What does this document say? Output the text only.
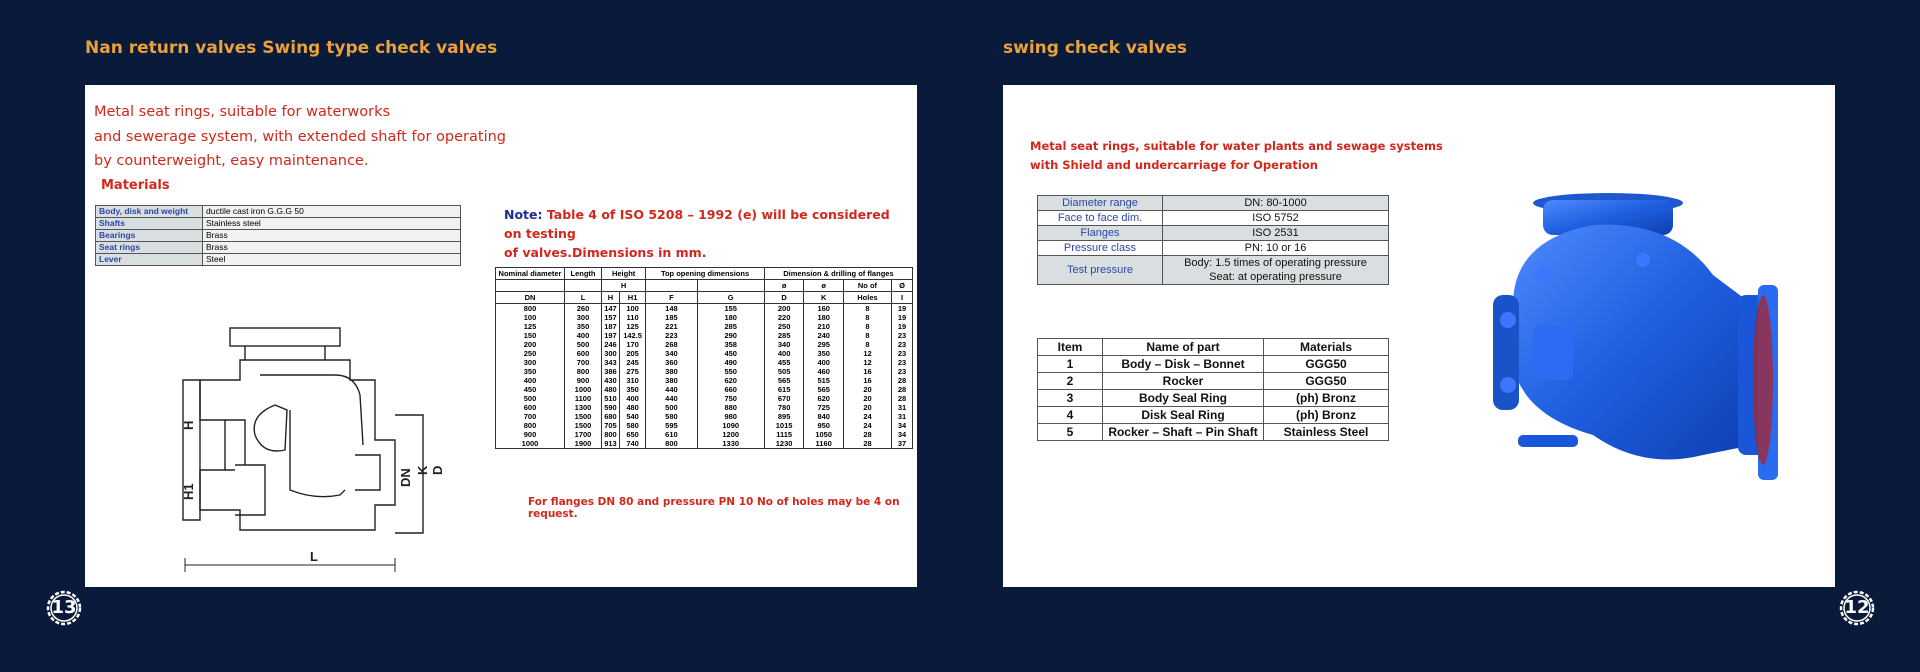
Nan return valves Swing type check valves
Metal seat rings, suitable for waterworks
and sewerage system, with extended shaft for operating
by counterweight, easy maintenance.
Materials
Body, disk and weight	ductile cast iron G.G.G 50
Shafts	Stainless steel
Bearings	Brass
Seat rings	Brass
Lever	Steel
Note: Table 4 of ISO 5208 – 1992 (e) will be considered on testing
of valves.Dimensions in mm.
Nominal diameter	Length	Height		Top opening dimensions		Dimension & drilling of flanges			

		H				ø	ø	No of	Ø
DN	L	H	H1	F	G	D	K	Holes	I
800	260	147	100	148	155	200	160	8	19
100	300	157	110	185	180	220	180	8	19
125	350	187	125	221	285	250	210	8	19
150	400	197	142.5	223	290	285	240	8	23
200	500	246	170	268	358	340	295	8	23
250	600	300	205	340	450	400	350	12	23
300	700	343	245	360	490	455	400	12	23
350	800	386	275	380	550	505	460	16	23
400	900	430	310	380	620	565	515	16	28
450	1000	480	350	440	660	615	565	20	28
500	1100	510	400	440	750	670	620	20	28
600	1300	590	480	500	880	780	725	20	31
700	1500	680	540	580	980	895	840	24	31
800	1500	705	580	595	1090	1015	950	24	34
900	1700	800	650	610	1200	1115	1050	28	34
1000	1900	913	740	800	1330	1230	1160	28	37
For flanges DN 80 and pressure PN 10 No of holes may be 4 on request.
H
H1
L
DN K D
swing check valves
Metal seat rings, suitable for water plants and sewage systems
with Shield and undercarriage for Operation
Diameter range	DN: 80-1000
Face to face dim.	ISO 5752
Flanges	ISO 2531
Pressure class	PN: 10 or 16
Test pressure	Body: 1.5 times of operating pressure
Seat: at operating pressure
Item	Name of part	Materials
1	Body – Disk – Bonnet	GGG50
2	Rocker	GGG50
3	Body Seal Ring	(ph) Bronz
4	Disk Seal Ring	(ph) Bronz
5	Rocker – Shaft – Pin Shaft	Stainless Steel
13	12
